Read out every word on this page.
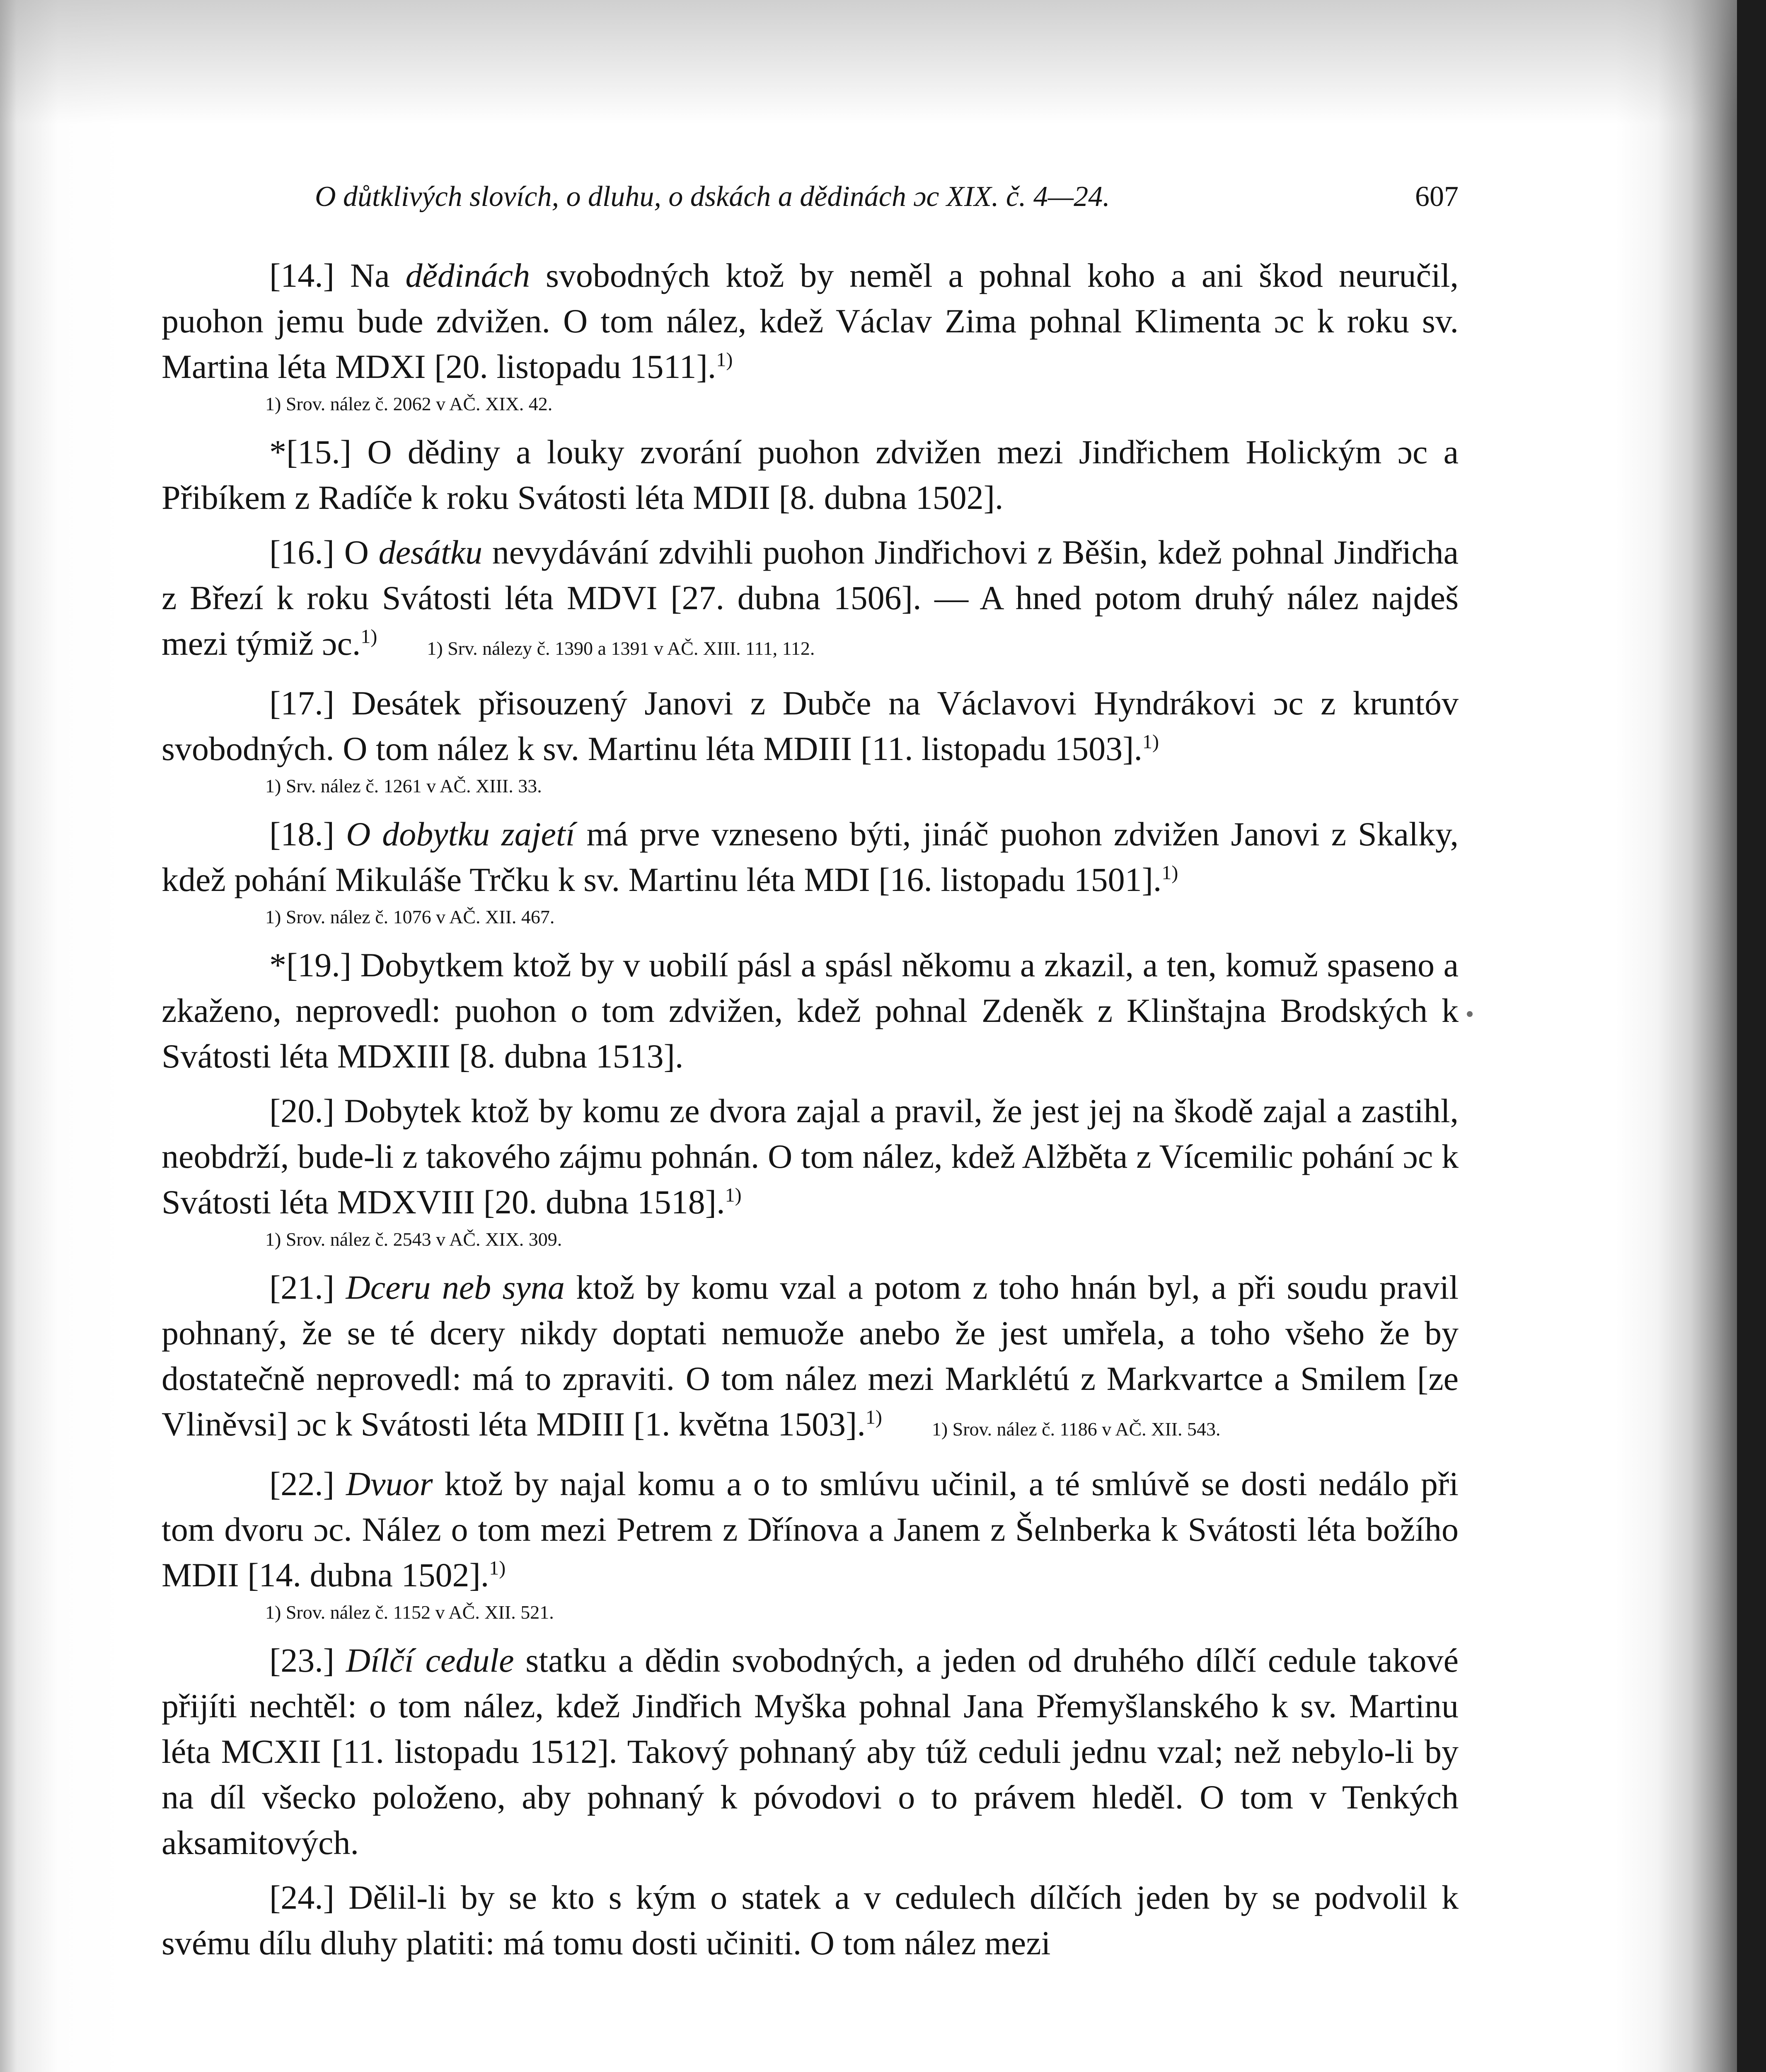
O důtklivých slovích, o dluhu, o dskách a dědinách ɔc XIX. č. 4—24.	607

[14.] Na dědinách svobodných ktož by neměl a pohnal koho a ani škod neuručil, puohon jemu bude zdvižen. O tom nález, kdež Václav Zima pohnal Klimenta ɔc k roku sv. Martina léta MDXI [20. listopadu 1511].$^{1)}$

1) Srov. nález č. 2062 v AČ. XIX. 42.

*[15.] O dědiny a louky zvorání puohon zdvižen mezi Jindřichem Holickým ɔc a Přibíkem z Radíče k roku Svátosti léta MDII [8. dubna 1502].

[16.] O desátku nevydávání zdvihli puohon Jindřichovi z Běšin, kdež pohnal Jindřicha z Březí k roku Svátosti léta MDVI [27. dubna 1506]. — A hned potom druhý nález najdeš mezi týmiž ɔc.$^{1)}$1) Srv. nálezy č. 1390 a 1391 v AČ. XIII. 111, 112.

[17.] Desátek přisouzený Janovi z Dubče na Václavovi Hyndrákovi ɔc z kruntóv svobodných. O tom nález k sv. Martinu léta MDIII [11. listopadu 1503].$^{1)}$

1) Srv. nález č. 1261 v AČ. XIII. 33.

[18.] O dobytku zajetí má prve vzneseno býti, jináč puohon zdvižen Janovi z Skalky, kdež pohání Mikuláše Trčku k sv. Martinu léta MDI [16. listopadu 1501].$^{1)}$

1) Srov. nález č. 1076 v AČ. XII. 467.

*[19.] Dobytkem ktož by v uobilí pásl a spásl někomu a zkazil, a ten, komuž spaseno a zkaženo, neprovedl: puohon o tom zdvižen, kdež pohnal Zdeněk z Klinštajna Brodských k Svátosti léta MDXIII [8. dubna 1513].

[20.] Dobytek ktož by komu ze dvora zajal a pravil, že jest jej na škodě zajal a zastihl, neobdrží, bude-li z takového zájmu pohnán. O tom nález, kdež Alžběta z Vícemilic pohání ɔc k Svátosti léta MDXVIII [20. dubna 1518].$^{1)}$

1) Srov. nález č. 2543 v AČ. XIX. 309.

[21.] Dceru neb syna ktož by komu vzal a potom z toho hnán byl, a při soudu pravil pohnaný, že se té dcery nikdy doptati nemuože anebo že jest umřela, a toho všeho že by dostatečně neprovedl: má to zpraviti. O tom nález mezi Marklétú z Markvartce a Smilem [ze Vliněvsi] ɔc k Svátosti léta MDIII [1. května 1503].$^{1)}$1) Srov. nález č. 1186 v AČ. XII. 543.

[22.] Dvuor ktož by najal komu a o to smlúvu učinil, a té smlúvě se dosti nedálo při tom dvoru ɔc. Nález o tom mezi Petrem z Dřínova a Janem z Šelnberka k Svátosti léta božího MDII [14. dubna 1502].$^{1)}$

1) Srov. nález č. 1152 v AČ. XII. 521.

[23.] Dílčí cedule statku a dědin svobodných, a jeden od druhého dílčí cedule takové přijíti nechtěl: o tom nález, kdež Jindřich Myška pohnal Jana Přemyšlanského k sv. Martinu léta MCXII [11. listopadu 1512]. Takový pohnaný aby túž ceduli jednu vzal; než nebylo-li by na díl všecko položeno, aby pohnaný k póvodovi o to právem hleděl. O tom v Tenkých aksamitových.

[24.] Dělil-li by se kto s kým o statek a v cedulech dílčích jeden by se podvolil k svému dílu dluhy platiti: má tomu dosti učiniti. O tom nález mezi
